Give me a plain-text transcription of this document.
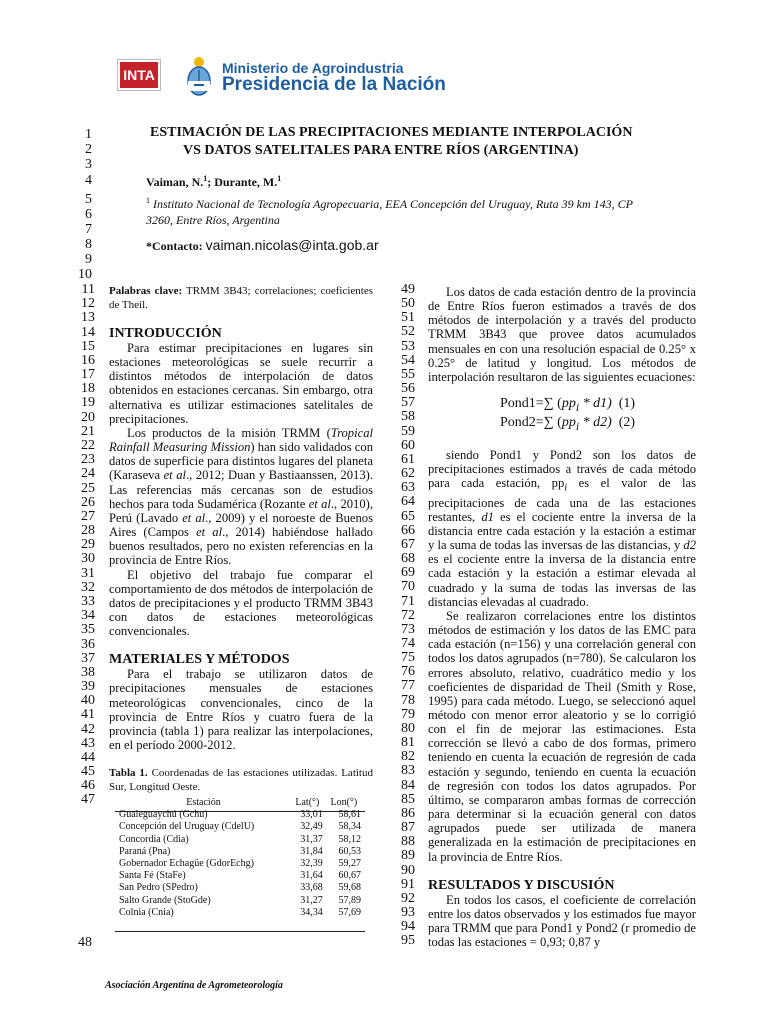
INTA	Ministerio de Agroindustria
Presidencia de la Nación
1
2
3
4
5
6
7
8
9
10
ESTIMACIÓN DE LAS PRECIPITACIONES MEDIANTE INTERPOLACIÓN
VS DATOS SATELITALES PARA ENTRE RÍOS (ARGENTINA)
Vaiman, N.$^1$; Durante, M.$^1$
$^1$ Instituto Nacional de Tecnología Agropecuaria, EEA Concepción del Uruguay, Ruta 39 km 143, CP
3260, Entre Ríos, Argentina
*Contacto: vaiman.nicolas@inta.gob.ar
11
12
13
14
15
16
17
18
19
20
21
22
23
24
25
26
27
28
29
30
31
32
33
34
35
36
37
38
39
40
41
42
43
44
45
46
47
48
49
50
51
52
53
54
55
56
57
58
59
60
61
62
63
64
65
66
67
68
69
70
71
72
73
74
75
76
77
78
79
80
81
82
83
84
85
86
87
88
89
90
91
92
93
94
95
Palabras clave: TRMM 3B43; correlaciones; coeficientes de Theil.
INTRODUCCIÓN
Para estimar precipitaciones en lugares sin estaciones meteorológicas se suele recurrir a distintos métodos de interpolación de datos obtenidos en estaciones cercanas. Sin embargo, otra alternativa es utilizar estimaciones satelitales de precipitaciones.
Los productos de la misión TRMM (Tropical Rainfall Measuring Mission) han sido validados con datos de superficie para distintos lugares del planeta (Karaseva et al., 2012; Duan y Bastiaanssen, 2013). Las referencias más cercanas son de estudios hechos para toda Sudamérica (Rozante et al., 2010), Perú (Lavado et al., 2009) y el noroeste de Buenos Aires (Campos et al., 2014) habiéndose hallado buenos resultados, pero no existen referencias en la provincia de Entre Ríos.
El objetivo del trabajo fue comparar el comportamiento de dos métodos de interpolación de datos de precipitaciones y el producto TRMM 3B43 con datos de estaciones meteorológicas convencionales.
MATERIALES Y MÉTODOS
Para el trabajo se utilizaron datos de precipitaciones mensuales de estaciones meteorológicas convencionales, cinco de la provincia de Entre Ríos y cuatro fuera de la provincia (tabla 1) para realizar las interpolaciones, en el período 2000-2012.
Tabla 1. Coordenadas de las estaciones utilizadas. Latitud Sur, Longitud Oeste.
Estación	Lat(°)	Lon(°)
Gualeguaychú (Gchu)	33,01	58,61
Concepción del Uruguay (CdelU)	32,49	58,34
Concordia (Cdia)	31,37	58,12
Paraná (Pna)	31,84	60,53
Gobernador Echagüe (GdorEchg)	32,39	59,27
Santa Fé (StaFe)	31,64	60,67
San Pedro (SPedro)	33,68	59,68
Salto Grande (StoGde)	31,27	57,89
Colnia (Cnia)	34,34	57,69
Los datos de cada estación dentro de la provincia de Entre Ríos fueron estimados a través de dos métodos de interpolación y a través del producto TRMM 3B43 que provee datos acumulados mensuales en con una resolución espacial de 0.25° x 0.25° de latitud y longitud. Los métodos de interpolación resultaron de las siguientes ecuaciones:
Pond1=∑ $(pp_i * d1)$ (1)
Pond2=∑ $(pp_i * d2)$ (2)
siendo Pond1 y Pond2 son los datos de precipitaciones estimados a través de cada método para cada estación, $pp_i$ es el valor de las precipitaciones de cada una de las estaciones restantes, d1 es el cociente entre la inversa de la distancia entre cada estación y la estación a estimar y la suma de todas las inversas de las distancias, y d2 es el cociente entre la inversa de la distancia entre cada estación y la estación a estimar elevada al cuadrado y la suma de todas las inversas de las distancias elevadas al cuadrado.
Se realizaron correlaciones entre los distintos métodos de estimación y los datos de las EMC para cada estación (n=156) y una correlación general con todos los datos agrupados (n=780). Se calcularon los errores absoluto, relativo, cuadrático medio y los coeficientes de disparidad de Theil (Smith y Rose, 1995) para cada método. Luego, se seleccionó aquel método con menor error aleatorio y se lo corrigió con el fin de mejorar las estimaciones. Esta corrección se llevó a cabo de dos formas, primero teniendo en cuenta la ecuación de regresión de cada estación y segundo, teniendo en cuenta la ecuación de regresión con todos los datos agrupados. Por último, se compararon ambas formas de corrección para determinar si la ecuación general con datos agrupados puede ser utilizada de manera generalizada en la estimación de precipitaciones en la provincia de Entre Ríos.
RESULTADOS Y DISCUSIÓN
En todos los casos, el coeficiente de correlación entre los datos observados y los estimados fue mayor para TRMM que para Pond1 y Pond2 (r promedio de todas las estaciones = 0,93; 0,87 y
Asociación Argentina de Agrometeorología
